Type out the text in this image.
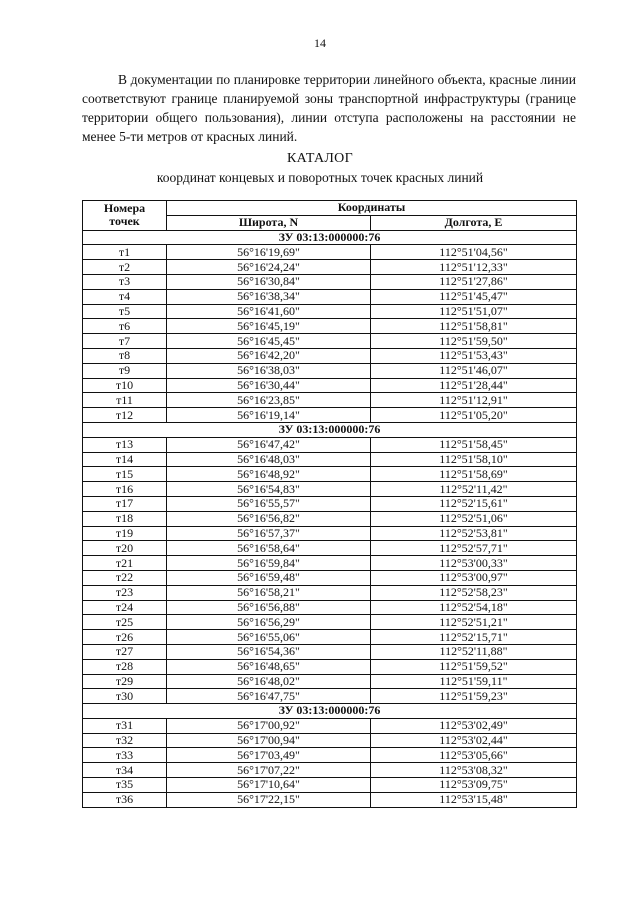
14

В документации по планировке территории линейного объекта, красные линии соответствуют границе планируемой зоны транспортной инфраструктуры (границе территории общего пользования), линии отступа расположены на расстоянии не менее 5-ти метров от красных линий.

КАТАЛОГ
координат концевых и поворотных точек красных линий
Номера
точек	Координаты	
	Широта, N	Долгота, E
ЗУ 03:13:000000:76		
т1	56°16'19,69"	112°51'04,56"
т2	56°16'24,24"	112°51'12,33"
т3	56°16'30,84"	112°51'27,86"
т4	56°16'38,34"	112°51'45,47"
т5	56°16'41,60"	112°51'51,07"
т6	56°16'45,19"	112°51'58,81"
т7	56°16'45,45"	112°51'59,50"
т8	56°16'42,20"	112°51'53,43"
т9	56°16'38,03"	112°51'46,07"
т10	56°16'30,44"	112°51'28,44"
т11	56°16'23,85"	112°51'12,91"
т12	56°16'19,14"	112°51'05,20"
ЗУ 03:13:000000:76		
т13	56°16'47,42"	112°51'58,45"
т14	56°16'48,03"	112°51'58,10"
т15	56°16'48,92"	112°51'58,69"
т16	56°16'54,83"	112°52'11,42"
т17	56°16'55,57"	112°52'15,61"
т18	56°16'56,82"	112°52'51,06"
т19	56°16'57,37"	112°52'53,81"
т20	56°16'58,64"	112°52'57,71"
т21	56°16'59,84"	112°53'00,33"
т22	56°16'59,48"	112°53'00,97"
т23	56°16'58,21"	112°52'58,23"
т24	56°16'56,88"	112°52'54,18"
т25	56°16'56,29"	112°52'51,21"
т26	56°16'55,06"	112°52'15,71"
т27	56°16'54,36"	112°52'11,88"
т28	56°16'48,65"	112°51'59,52"
т29	56°16'48,02"	112°51'59,11"
т30	56°16'47,75"	112°51'59,23"
ЗУ 03:13:000000:76		
т31	56°17'00,92"	112°53'02,49"
т32	56°17'00,94"	112°53'02,44"
т33	56°17'03,49"	112°53'05,66"
т34	56°17'07,22"	112°53'08,32"
т35	56°17'10,64"	112°53'09,75"
т36	56°17'22,15"	112°53'15,48"
